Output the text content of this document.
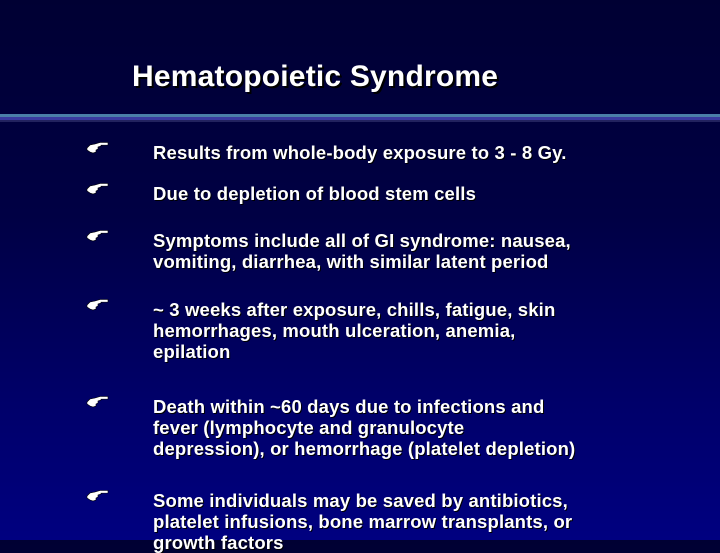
Hematopoietic Syndrome
Results from whole-body exposure to 3 - 8 Gy.
Due to depletion of blood stem cells
Symptoms include all of GI syndrome: nausea,
vomiting, diarrhea, with similar latent period
~ 3 weeks after exposure, chills, fatigue, skin
hemorrhages, mouth ulceration, anemia,
epilation
Death within ~60 days due to infections and
fever (lymphocyte and granulocyte
depression), or hemorrhage (platelet depletion)
Some individuals may be saved by antibiotics,
platelet infusions, bone marrow transplants, or
growth factors
